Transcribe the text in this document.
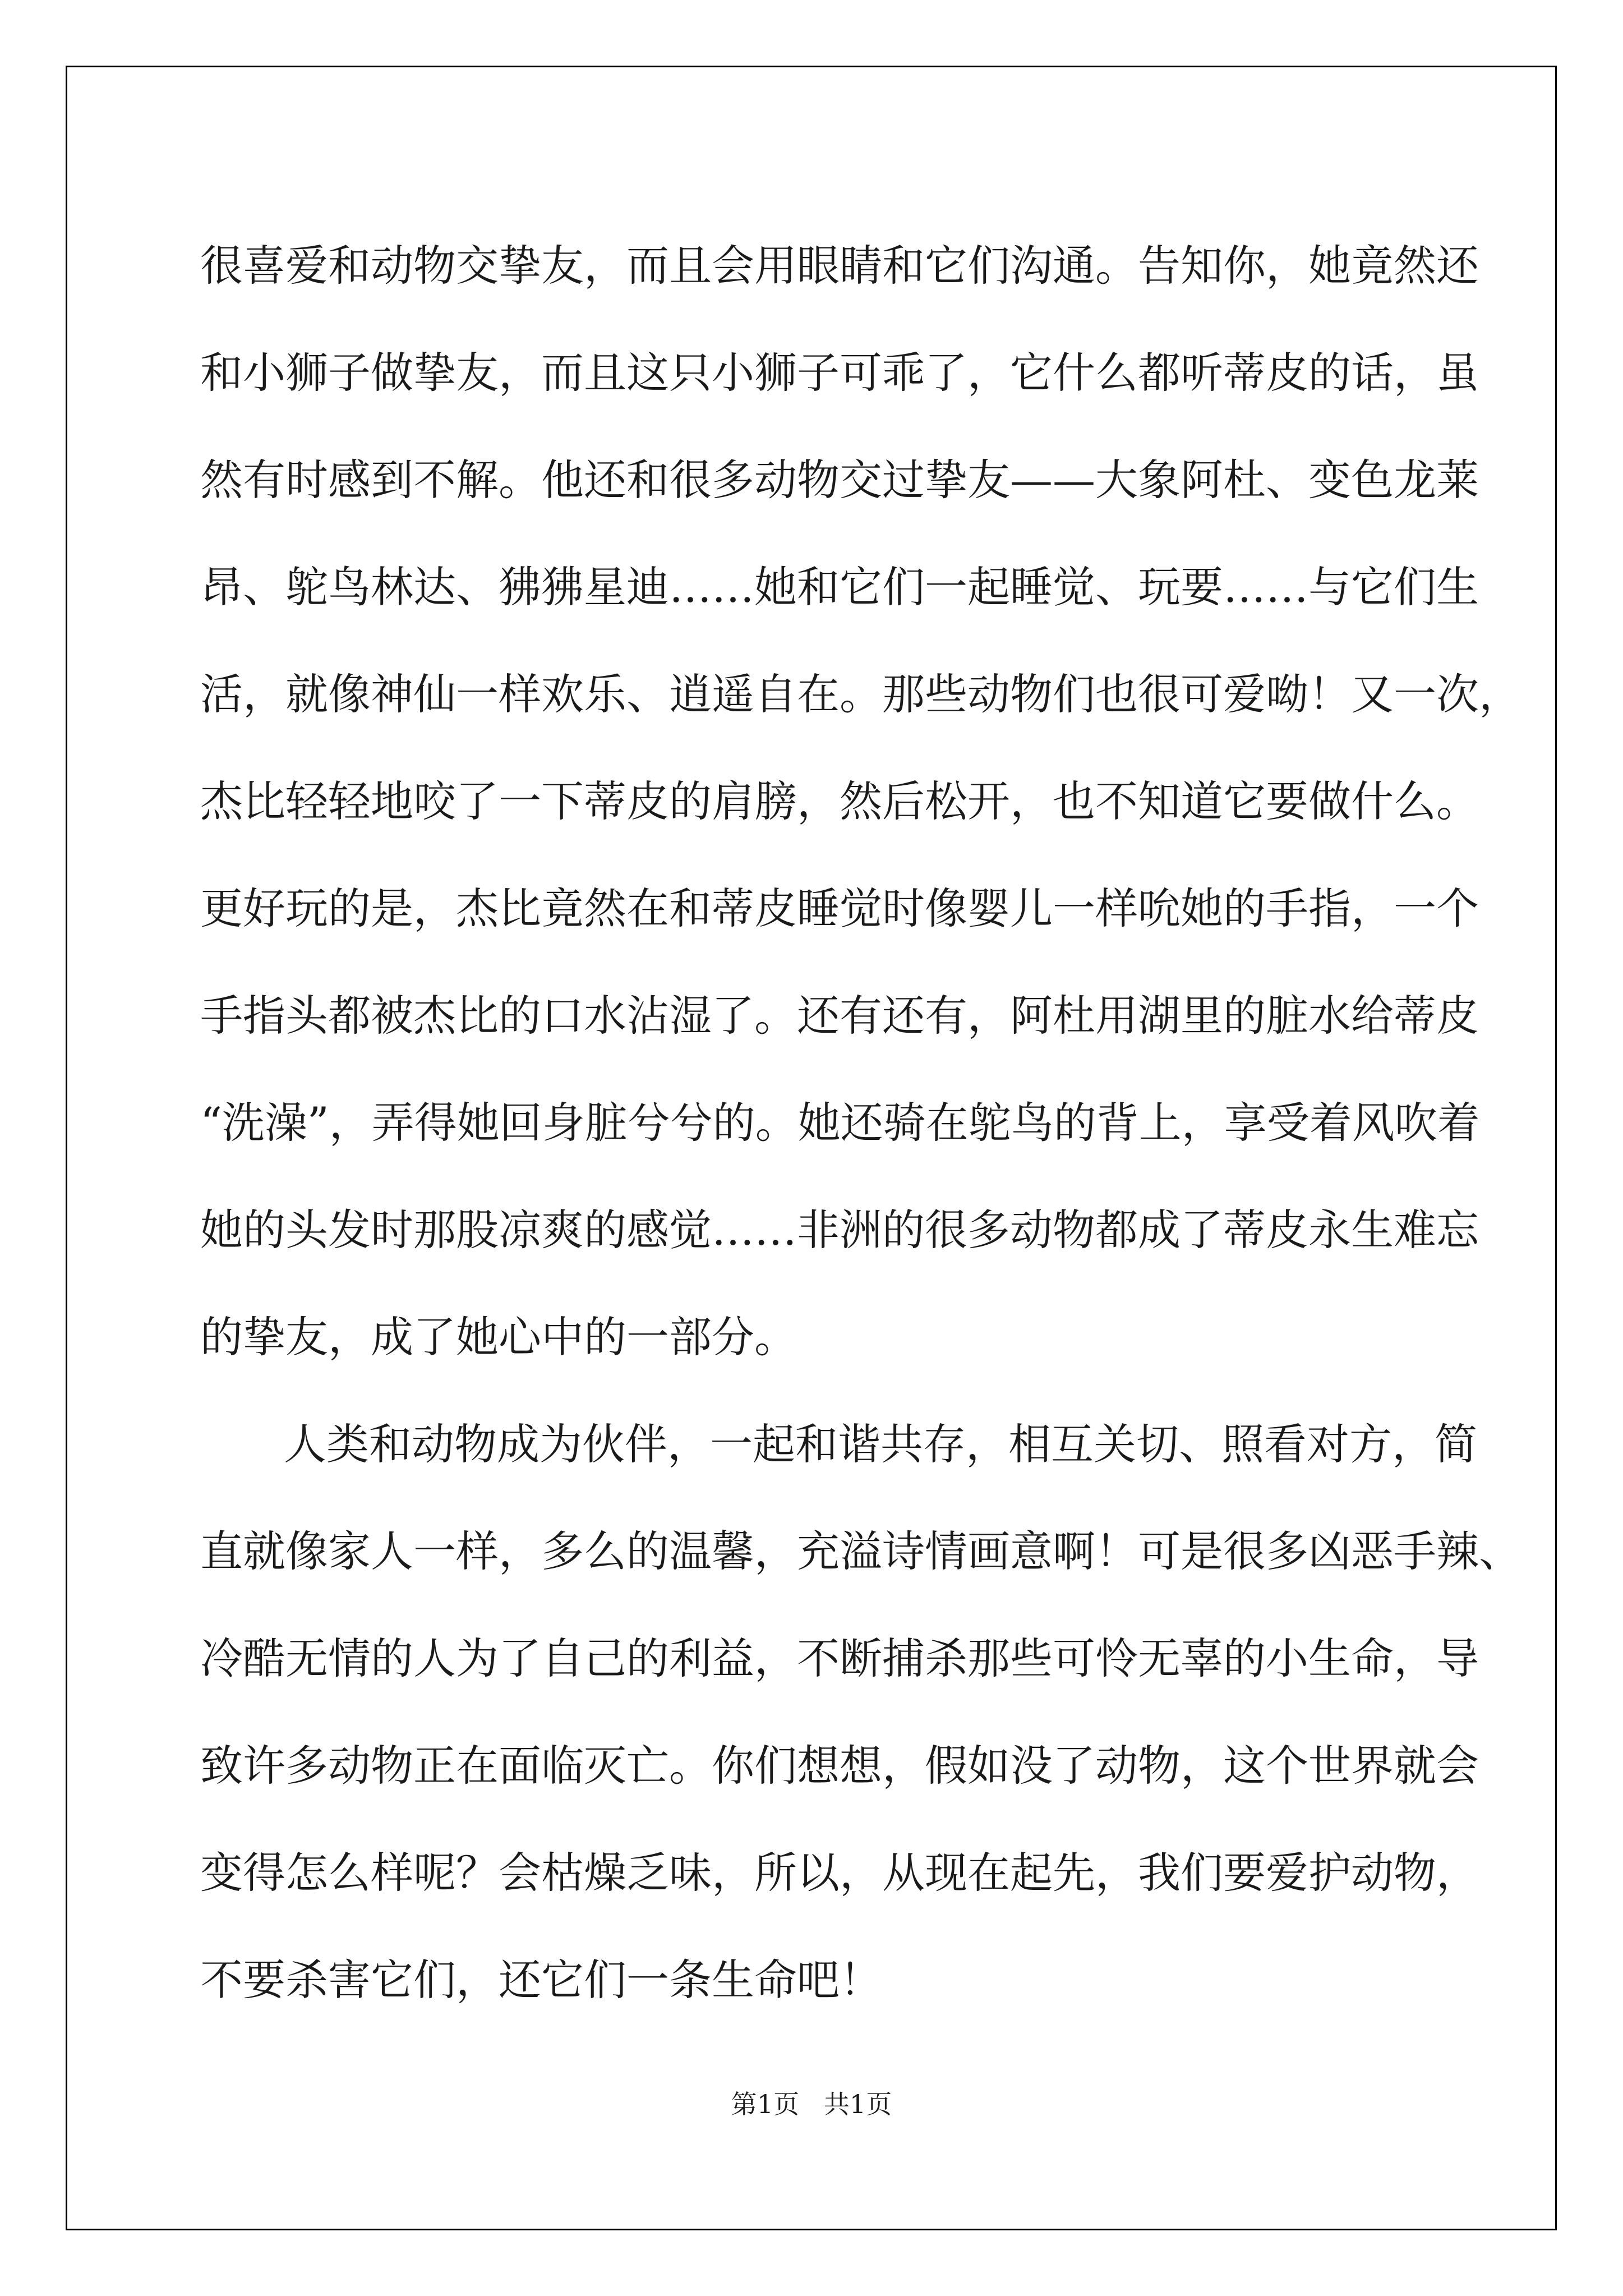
很喜爱和动物交挚友，而且会用眼睛和它们沟通。告知你，她竟然还
和小狮子做挚友，而且这只小狮子可乖了，它什么都听蒂皮的话，虽
然有时感到不解。他还和很多动物交过挚友——大象阿杜、变色龙莱
昂、鸵鸟林达、狒狒星迪……她和它们一起睡觉、玩要……与它们生
活，就像神仙一样欢乐、逍遥自在。那些动物们也很可爱呦！又一次，
杰比轻轻地咬了一下蒂皮的肩膀，然后松开，也不知道它要做什么。
更好玩的是，杰比竟然在和蒂皮睡觉时像婴儿一样吮她的手指，一个
手指头都被杰比的口水沾湿了。还有还有，阿杜用湖里的脏水给蒂皮
“洗澡”，弄得她回身脏兮兮的。她还骑在鸵鸟的背上，享受着风吹着
她的头发时那股凉爽的感觉……非洲的很多动物都成了蒂皮永生难忘
的挚友，成了她心中的一部分。
人类和动物成为伙伴，一起和谐共存，相互关切、照看对方，简
直就像家人一样，多么的温馨，充溢诗情画意啊！可是很多凶恶手辣、
冷酷无情的人为了自己的利益，不断捕杀那些可怜无辜的小生命，导
致许多动物正在面临灭亡。你们想想，假如没了动物，这个世界就会
变得怎么样呢？会枯燥乏味，所以，从现在起先，我们要爱护动物，
不要杀害它们，还它们一条生命吧！
第1页   共1页
